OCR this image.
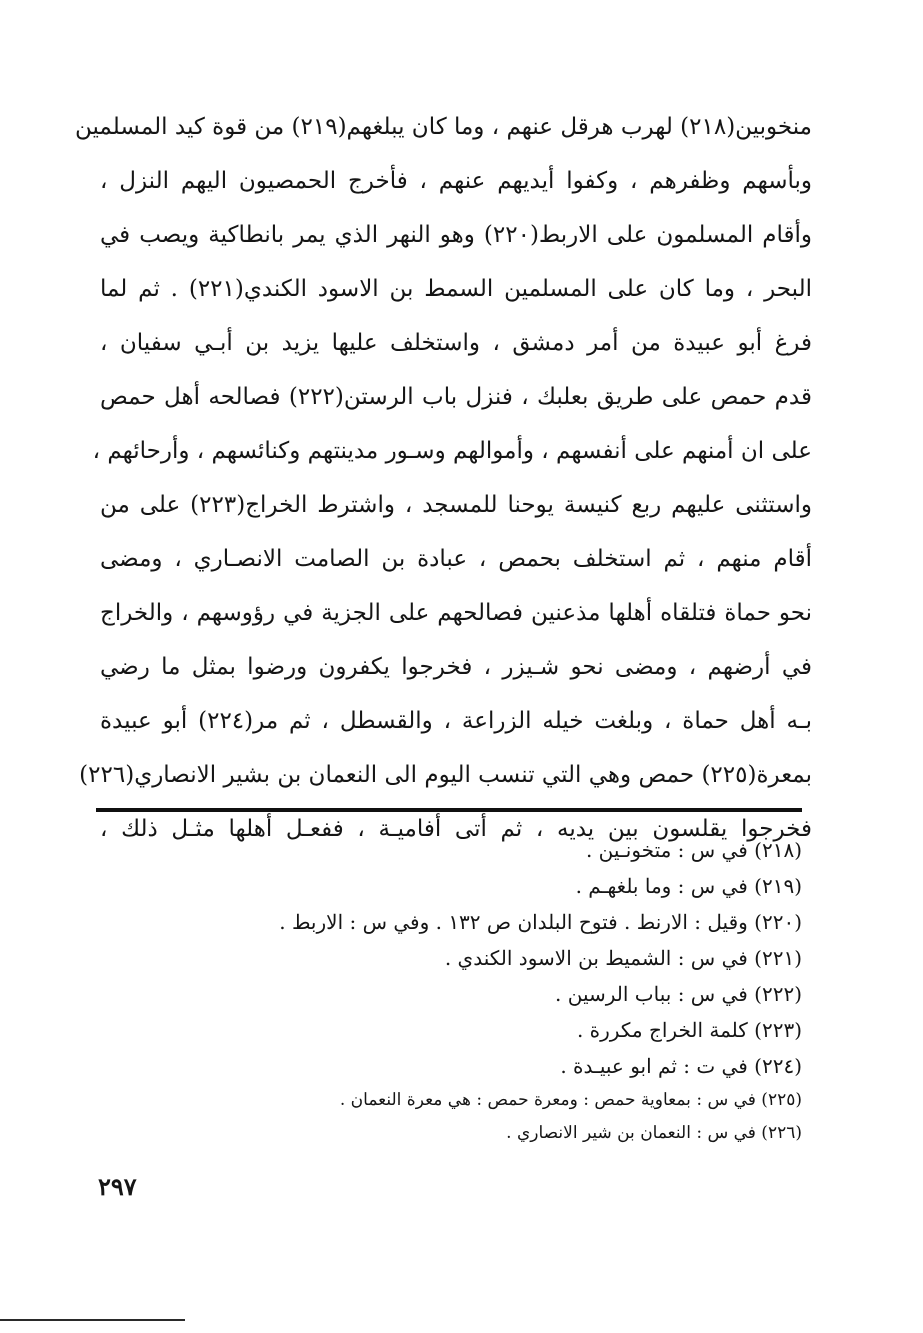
منخوبين(٢١٨) لهرب هرقل عنهم ، وما كان يبلغهم(٢١٩) من قوة كيد المسلمين
وبأسهم وظفرهم ، وكفوا أيديهم عنهم ، فأخرج الحمصيون اليهم النزل ،
وأقام المسلمون على الاربط(٢٢٠) وهو النهر الذي يمر بانطاكية ويصب في
البحر ، وما كان على المسلمين السمط بن الاسود الكندي(٢٢١) . ثم لما
فرغ أبو عبيدة من أمر دمشق ، واستخلف عليها يزيد بن أبـي سفيان ،
قدم حمص على طريق بعلبك ، فنزل باب الرستن(٢٢٢) فصالحه أهل حمص
على ان أمنهم على أنفسهم ، وأموالهم وسـور مدينتهم وكنائسهم ، وأرحائهم ،
واستثنى عليهم ربع كنيسة يوحنا للمسجد ، واشترط الخراج(٢٢٣) على من
أقام منهم ، ثم استخلف بحمص ، عبادة بن الصامت الانصـاري ، ومضى
نحو حماة فتلقاه أهلها مذعنين فصالحهم على الجزية في رؤوسهم ، والخراج
في أرضهم ، ومضى نحو شـيزر ، فخرجوا يكفرون ورضوا بمثل ما رضي
بـه أهل حماة ، وبلغت خيله الزراعة ، والقسطل ، ثم مر(٢٢٤) أبو عبيدة
بمعرة(٢٢٥) حمص وهي التي تنسب اليوم الى النعمان بن بشير الانصاري(٢٢٦)
فخرجوا يقلسون بين يديه ، ثم أتى أفاميـة ، ففعـل أهلها مثـل ذلك ،
(٢١٨) في س : متخونـين .
(٢١٩) في س : وما بلغهـم .
(٢٢٠) وقيل : الارنط . فتوح البلدان ص ١٣٢ . وفي س : الاربط .
(٢٢١) في س : الشميط بن الاسود الكندي .
(٢٢٢) في س : بباب الرسين .
(٢٢٣) كلمة الخراج مكررة .
(٢٢٤) في ت : ثم ابو عبيـدة .
(٢٢٥) في س : بمعاوية حمص : ومعرة حمص : هي معرة النعمان .
(٢٢٦) في س : النعمان بن شير الانصاري .
٢٩٧
